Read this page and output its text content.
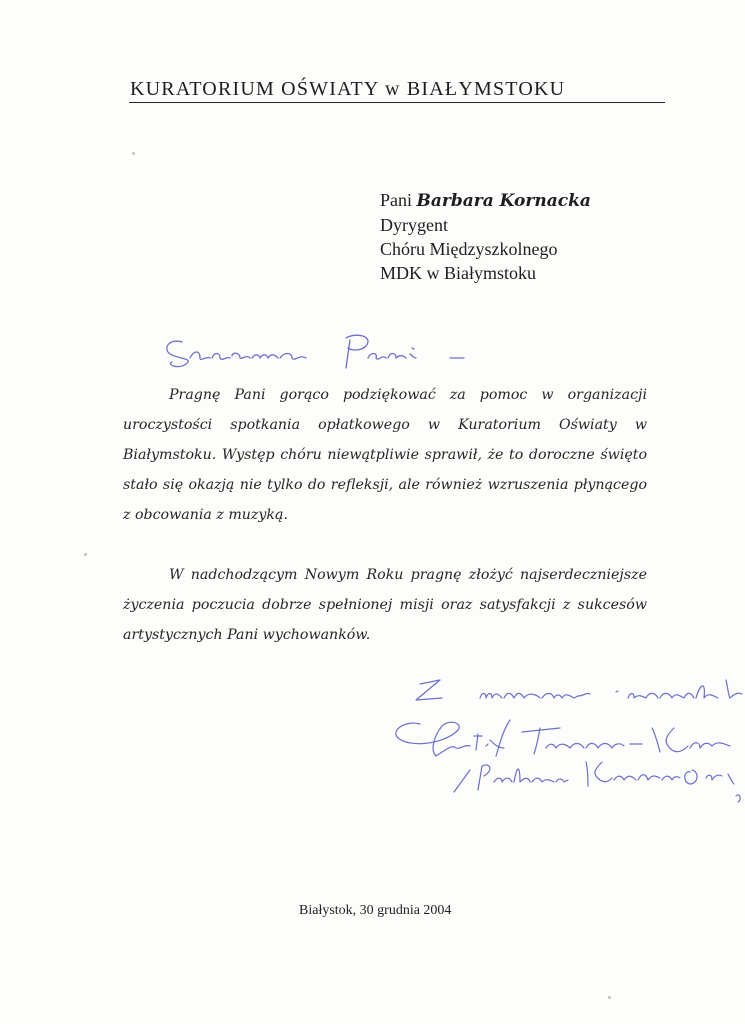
KURATORIUM OŚWIATY w BIAŁYMSTOKU
Pani Barbara Kornacka
Dyrygent
Chóru Międzyszkolnego
MDK w Białymstoku
Pragnę Pani gorąco podziękować za pomoc w organizacji uroczystości spotkania opłatkowego w Kuratorium Oświaty w Białymstoku. Występ chóru niewątpliwie sprawił, że to doroczne święto stało się okazją nie tylko do refleksji, ale również wzruszenia płynącego z obcowania z muzyką.
W nadchodzącym Nowym Roku pragnę złożyć najserdeczniejsze życzenia poczucia dobrze spełnionej misji oraz satysfakcji z sukcesów artystycznych Pani wychowanków.
Białystok, 30 grudnia 2004
